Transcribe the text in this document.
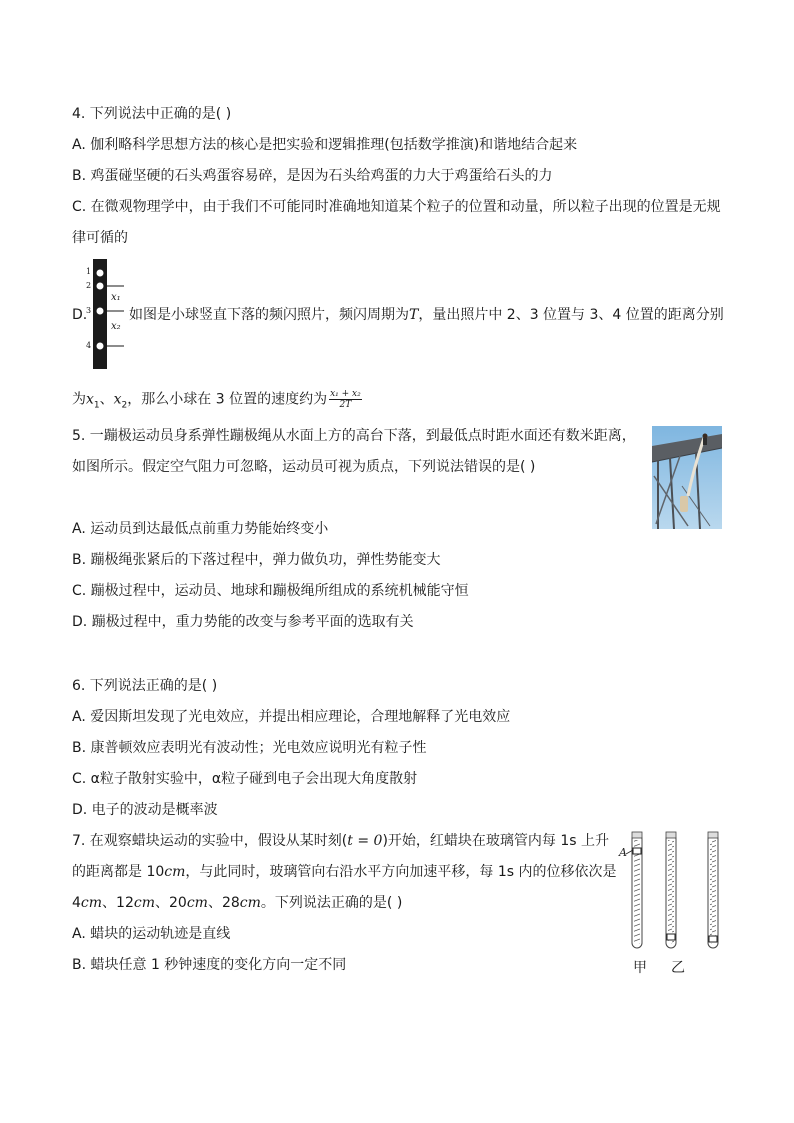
4. 下列说法中正确的是( )
A. 伽利略科学思想方法的核心是把实验和逻辑推理(包括数学推演)和谐地结合起来
B. 鸡蛋碰坚硬的石头鸡蛋容易碎，是因为石头给鸡蛋的力大于鸡蛋给石头的力
C. 在微观物理学中，由于我们不可能同时准确地知道某个粒子的位置和动量，所以粒子出现的位置是无规
律可循的
1
2
3
4
x₁
x₂
D.	如图是小球竖直下落的频闪照片，频闪周期为T，量出照片中 2、3 位置与 3、4 位置的距离分别
为$x_1$、$x_2$，那么小球在 3 位置的速度约为 $\frac{\text{x₁ + x₂}}{2T}$
5. 一蹦极运动员身系弹性蹦极绳从水面上方的高台下落，到最低点时距水面还有数米距离，
如图所示。假定空气阻力可忽略，运动员可视为质点，下列说法错误的是( )
A. 运动员到达最低点前重力势能始终变小
B. 蹦极绳张紧后的下落过程中，弹力做负功，弹性势能变大
C. 蹦极过程中，运动员、地球和蹦极绳所组成的系统机械能守恒
D. 蹦极过程中，重力势能的改变与参考平面的选取有关
6. 下列说法正确的是( )
A. 爱因斯坦发现了光电效应，并提出相应理论，合理地解释了光电效应
B. 康普顿效应表明光有波动性；光电效应说明光有粒子性
C. α粒子散射实验中，α粒子碰到电子会出现大角度散射
D. 电子的波动是概率波
7. 在观察蜡块运动的实验中，假设从某时刻(t = 0)开始，红蜡块在玻璃管内每 1s 上升
的距离都是 10cm，与此同时，玻璃管向右沿水平方向加速平移，每 1s 内的位移依次是
4cm、12cm、20cm、28cm。下列说法正确的是( )
A. 蜡块的运动轨迹是直线
B. 蜡块任意 1 秒钟速度的变化方向一定不同
A
甲 乙
